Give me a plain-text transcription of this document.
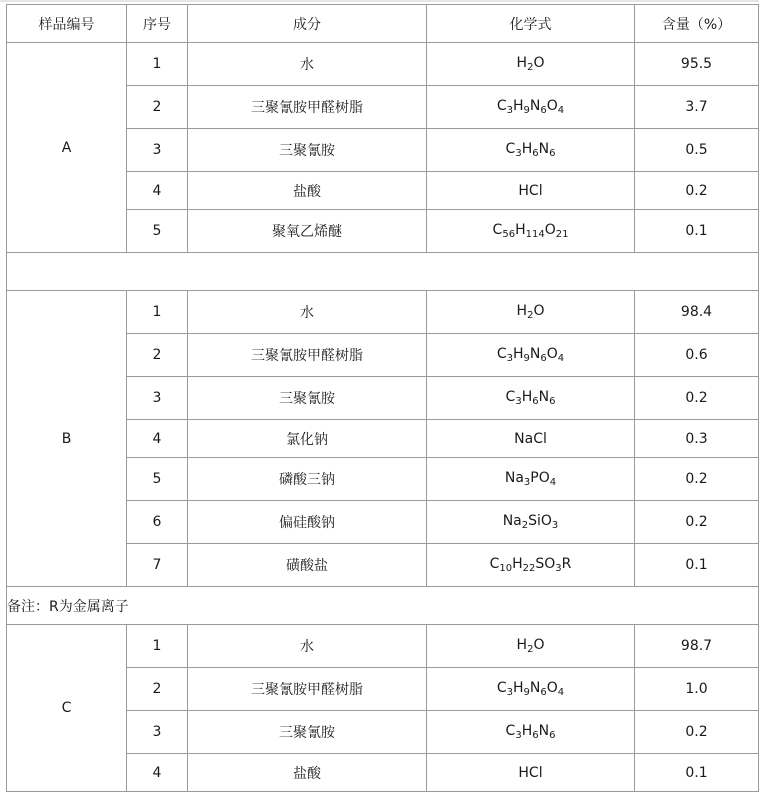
样品编号	序号	成分	化学式	含量（%）
A	1	水	$H_2O$	95.5
	2	三聚氰胺甲醛树脂	$C_3H_9N_6O_4$	3.7
	3	三聚氰胺	$C_3H_6N_6$	0.5
	4	盐酸	HCl	0.2
	5	聚氧乙烯醚	$C_{56}H_{114}O_{21}$	0.1

B	1	水	$H_2O$	98.4
	2	三聚氰胺甲醛树脂	$C_3H_9N_6O_4$	0.6
	3	三聚氰胺	$C_3H_6N_6$	0.2
	4	氯化钠	NaCl	0.3
	5	磷酸三钠	$Na_3PO_4$	0.2
	6	偏硅酸钠	$Na_2SiO_3$	0.2
	7	磺酸盐	$C_{10}H_{22}SO_3R$	0.1
备注：R为金属离子				
C	1	水	$H_2O$	98.7
	2	三聚氰胺甲醛树脂	$C_3H_9N_6O_4$	1.0
	3	三聚氰胺	$C_3H_6N_6$	0.2
	4	盐酸	HCl	0.1
